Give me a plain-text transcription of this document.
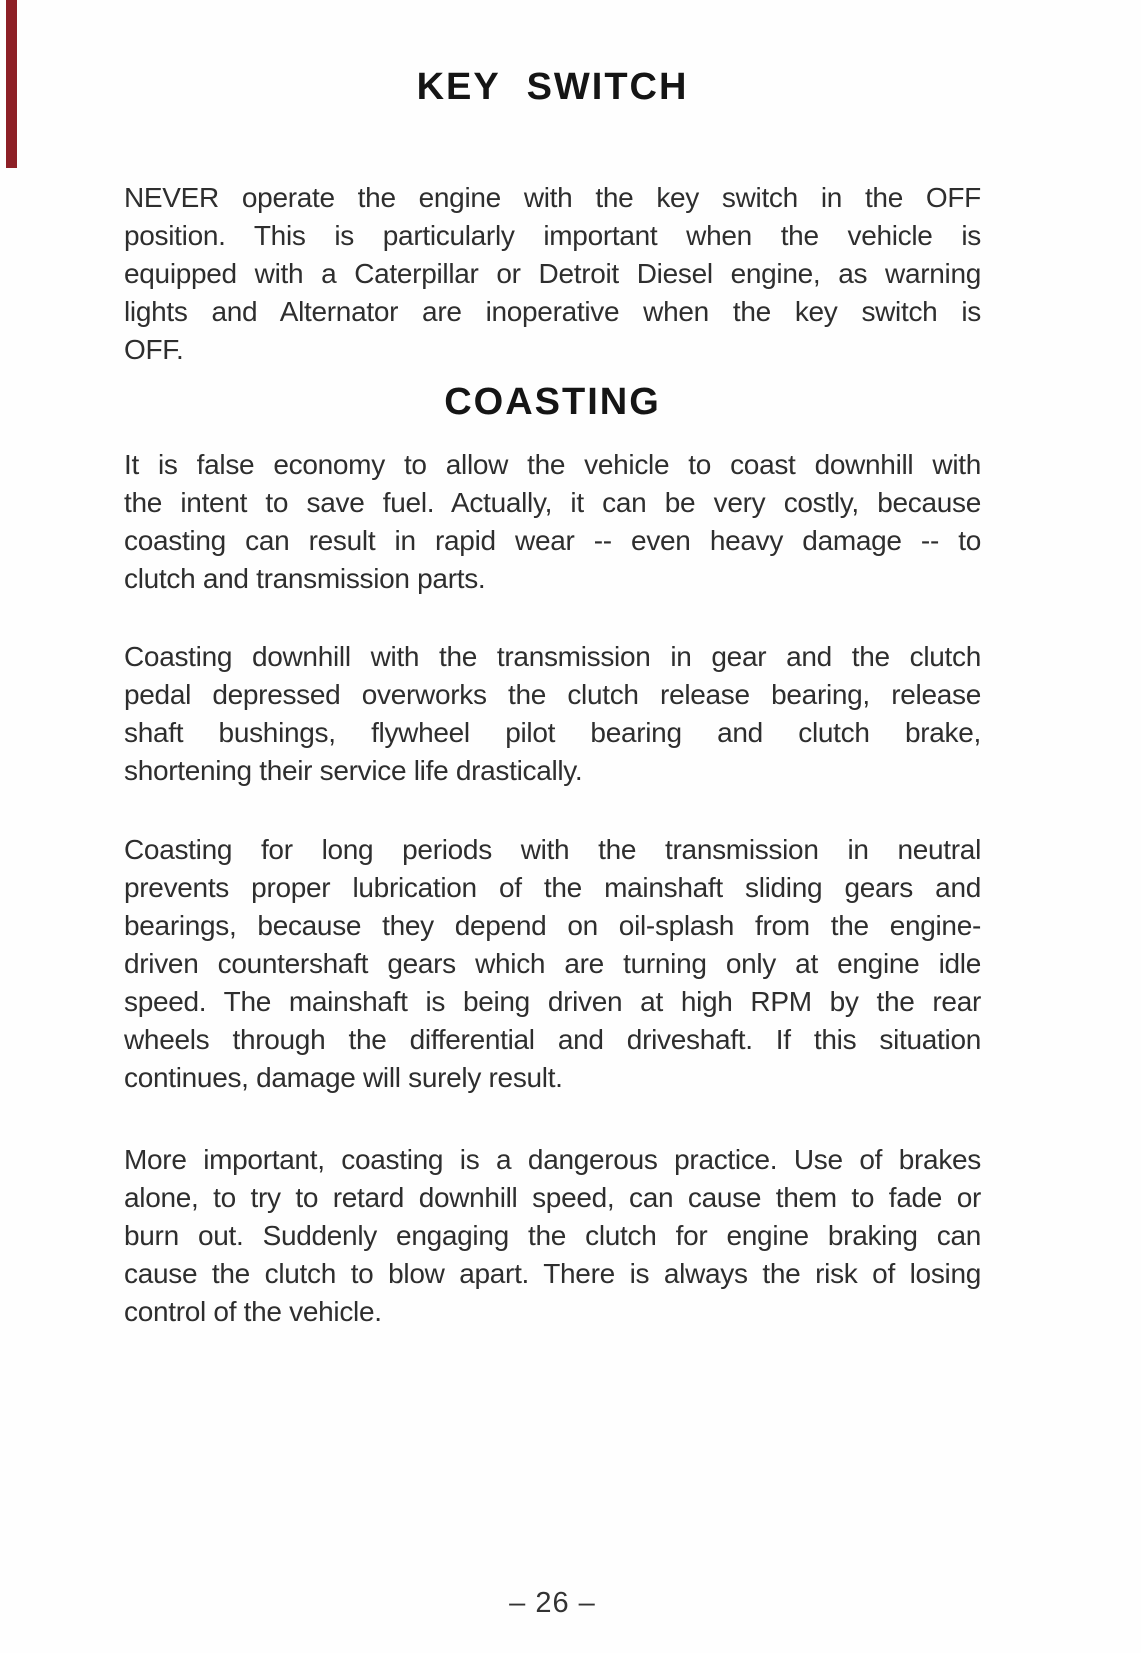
KEY SWITCH
NEVER operate the engine with the key switch in the OFF
position. This is particularly important when the vehicle is
equipped with a Caterpillar or Detroit Diesel engine, as warning
lights and Alternator are inoperative when the key switch is
OFF.
COASTING
It is false economy to allow the vehicle to coast downhill with
the intent to save fuel. Actually, it can be very costly, because
coasting can result in rapid wear -- even heavy damage -- to
clutch and transmission parts.
Coasting downhill with the transmission in gear and the clutch
pedal depressed overworks the clutch release bearing, release
shaft bushings, flywheel pilot bearing and clutch brake,
shortening their service life drastically.
Coasting for long periods with the transmission in neutral
prevents proper lubrication of the mainshaft sliding gears and
bearings, because they depend on oil-splash from the engine-
driven countershaft gears which are turning only at engine idle
speed. The mainshaft is being driven at high RPM by the rear
wheels through the differential and driveshaft. If this situation
continues, damage will surely result.
More important, coasting is a dangerous practice. Use of brakes
alone, to try to retard downhill speed, can cause them to fade or
burn out. Suddenly engaging the clutch for engine braking can
cause the clutch to blow apart. There is always the risk of losing
control of the vehicle.
– 26 –
